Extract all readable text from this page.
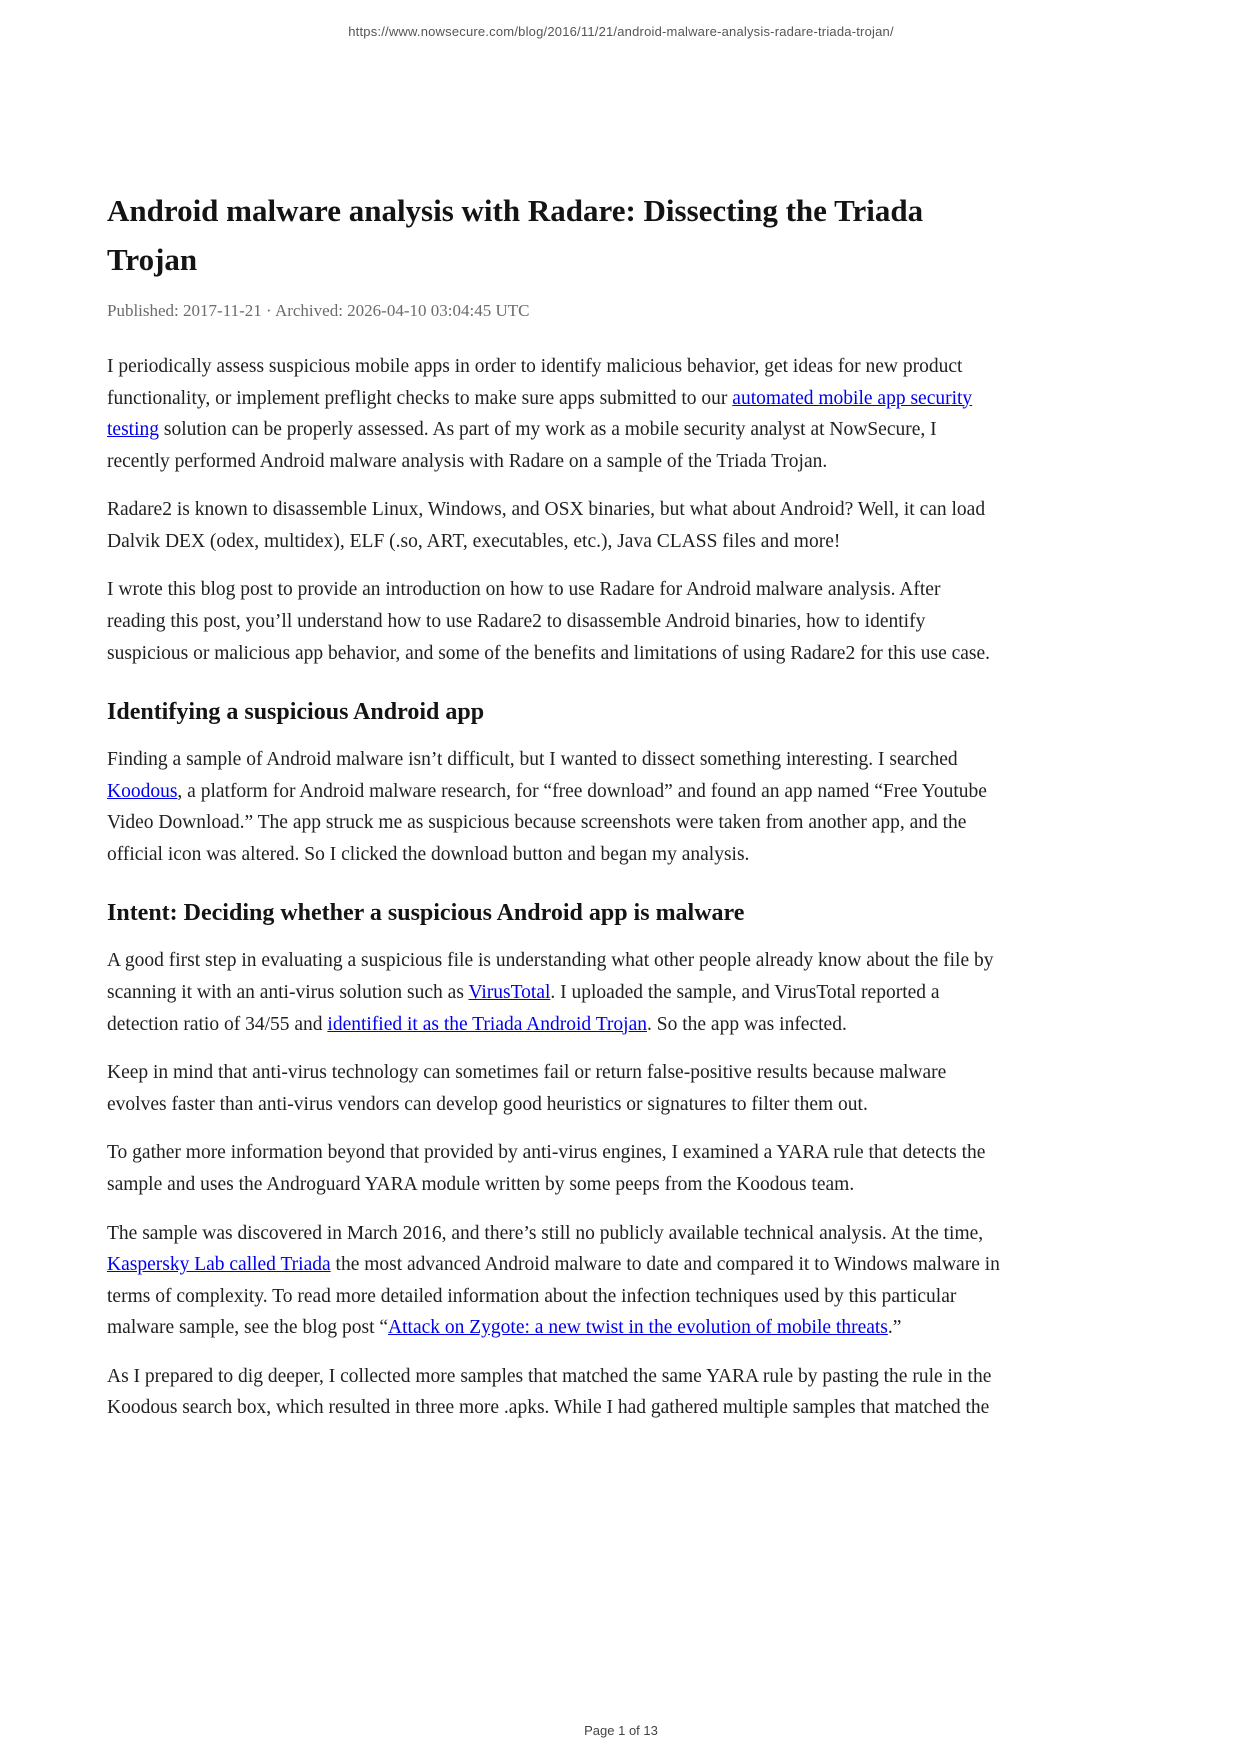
https://www.nowsecure.com/blog/2016/11/21/android-malware-analysis-radare-triada-trojan/
Android malware analysis with Radare: Dissecting the Triada Trojan
Published: 2017-11-21 · Archived: 2026-04-10 03:04:45 UTC

I periodically assess suspicious mobile apps in order to identify malicious behavior, get ideas for new product functionality, or implement preflight checks to make sure apps submitted to our automated mobile app security testing solution can be properly assessed. As part of my work as a mobile security analyst at NowSecure, I recently performed Android malware analysis with Radare on a sample of the Triada Trojan.

Radare2 is known to disassemble Linux, Windows, and OSX binaries, but what about Android? Well, it can load Dalvik DEX (odex, multidex), ELF (.so, ART, executables, etc.), Java CLASS files and more!

I wrote this blog post to provide an introduction on how to use Radare for Android malware analysis. After reading this post, you’ll understand how to use Radare2 to disassemble Android binaries, how to identify suspicious or malicious app behavior, and some of the benefits and limitations of using Radare2 for this use case.

Identifying a suspicious Android app

Finding a sample of Android malware isn’t difficult, but I wanted to dissect something interesting. I searched Koodous, a platform for Android malware research, for “free download” and found an app named “Free Youtube Video Download.” The app struck me as suspicious because screenshots were taken from another app, and the official icon was altered. So I clicked the download button and began my analysis.

Intent: Deciding whether a suspicious Android app is malware

A good first step in evaluating a suspicious file is understanding what other people already know about the file by scanning it with an anti-virus solution such as VirusTotal. I uploaded the sample, and VirusTotal reported a detection ratio of 34/55 and identified it as the Triada Android Trojan. So the app was infected.

Keep in mind that anti-virus technology can sometimes fail or return false-positive results because malware evolves faster than anti-virus vendors can develop good heuristics or signatures to filter them out.

To gather more information beyond that provided by anti-virus engines, I examined a YARA rule that detects the sample and uses the Androguard YARA module written by some peeps from the Koodous team.

The sample was discovered in March 2016, and there’s still no publicly available technical analysis. At the time, Kaspersky Lab called Triada the most advanced Android malware to date and compared it to Windows malware in terms of complexity. To read more detailed information about the infection techniques used by this particular malware sample, see the blog post “Attack on Zygote: a new twist in the evolution of mobile threats.”

As I prepared to dig deeper, I collected more samples that matched the same YARA rule by pasting the rule in the Koodous search box, which resulted in three more .apks. While I had gathered multiple samples that matched the

Page 1 of 13
